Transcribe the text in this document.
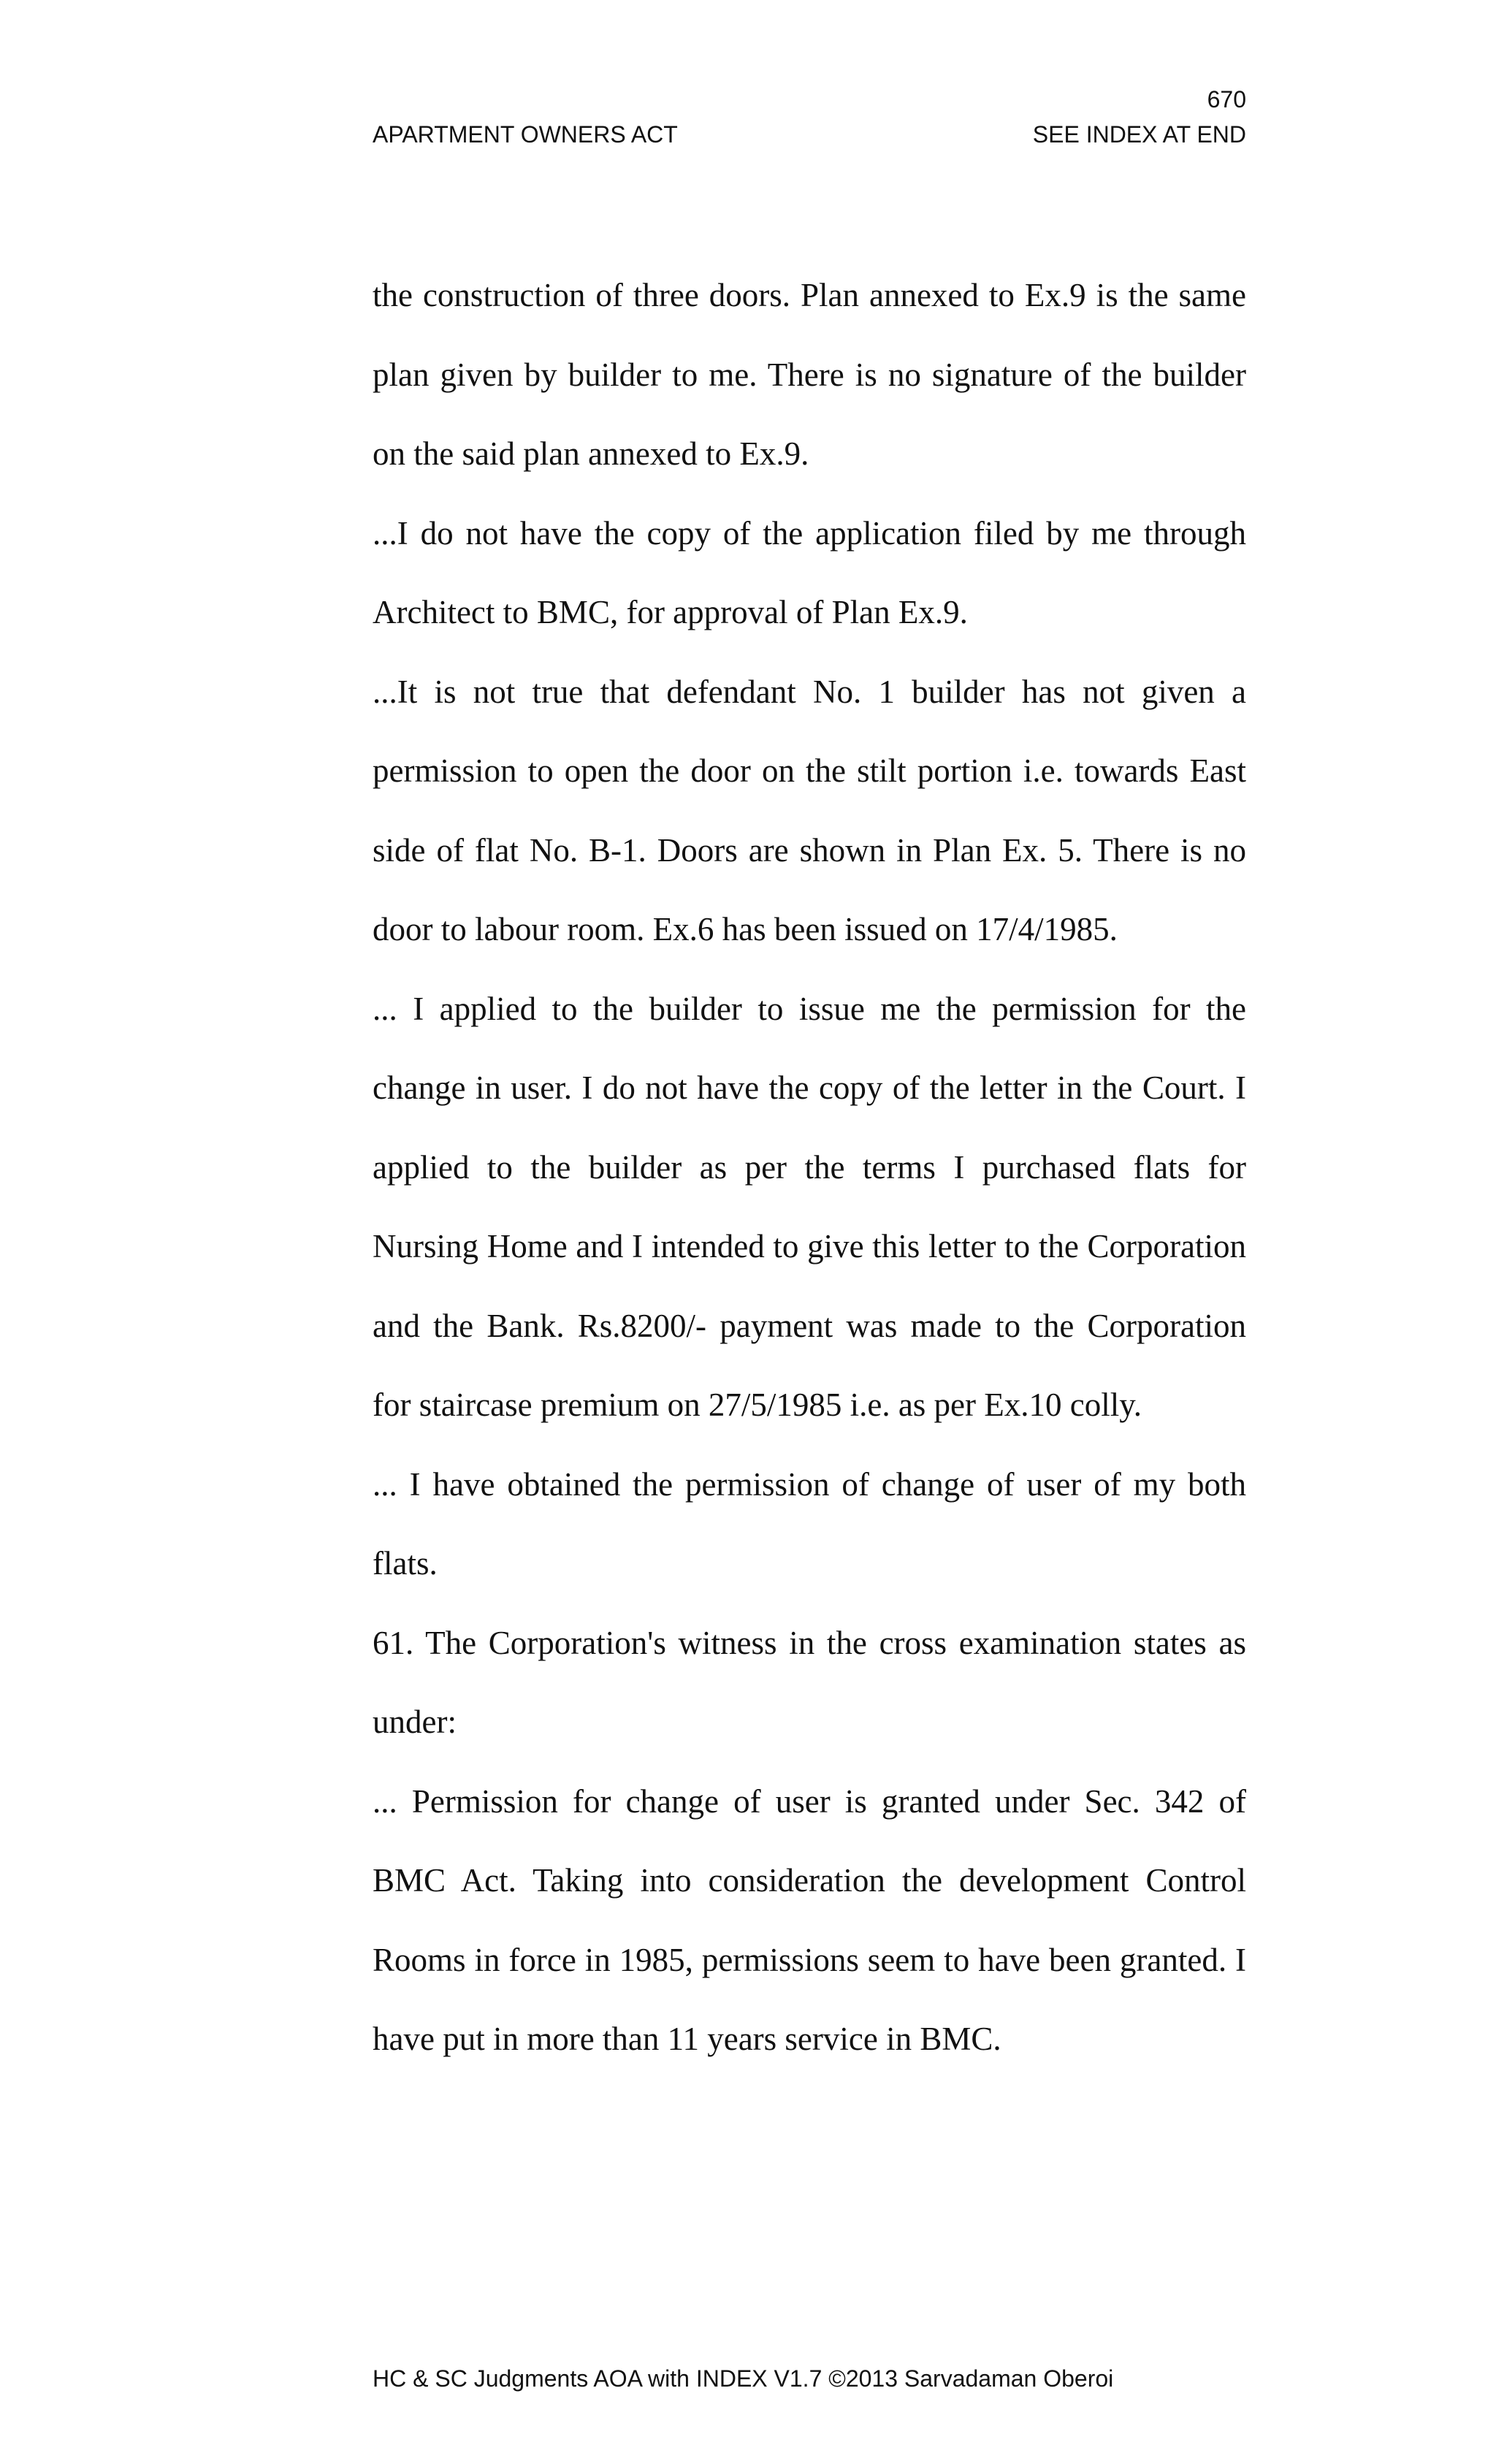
670
APARTMENT OWNERS ACT	SEE INDEX AT END

the construction of three doors. Plan annexed to Ex.9 is the same plan given by builder to me. There is no signature of the builder on the said plan annexed to Ex.9.

...I do not have the copy of the application filed by me through Architect to BMC, for approval of Plan Ex.9.

...It is not true that defendant No. 1 builder has not given a permission to open the door on the stilt portion i.e. towards East side of flat No. B-1. Doors are shown in Plan Ex. 5. There is no door to labour room. Ex.6 has been issued on 17/4/1985.

... I applied to the builder to issue me the permission for the change in user. I do not have the copy of the letter in the Court. I applied to the builder as per the terms I purchased flats for Nursing Home and I intended to give this letter to the Corporation and the Bank. Rs.8200/- payment was made to the Corporation for staircase premium on 27/5/1985 i.e. as per Ex.10 colly.

... I have obtained the permission of change of user of my both flats.

61. The Corporation's witness in the cross examination states as under:

... Permission for change of user is granted under Sec. 342 of BMC Act. Taking into consideration the development Control Rooms in force in 1985, permissions seem to have been granted. I have put in more than 11 years service in BMC.

HC & SC Judgments AOA with INDEX V1.7 ©2013 Sarvadaman Oberoi
